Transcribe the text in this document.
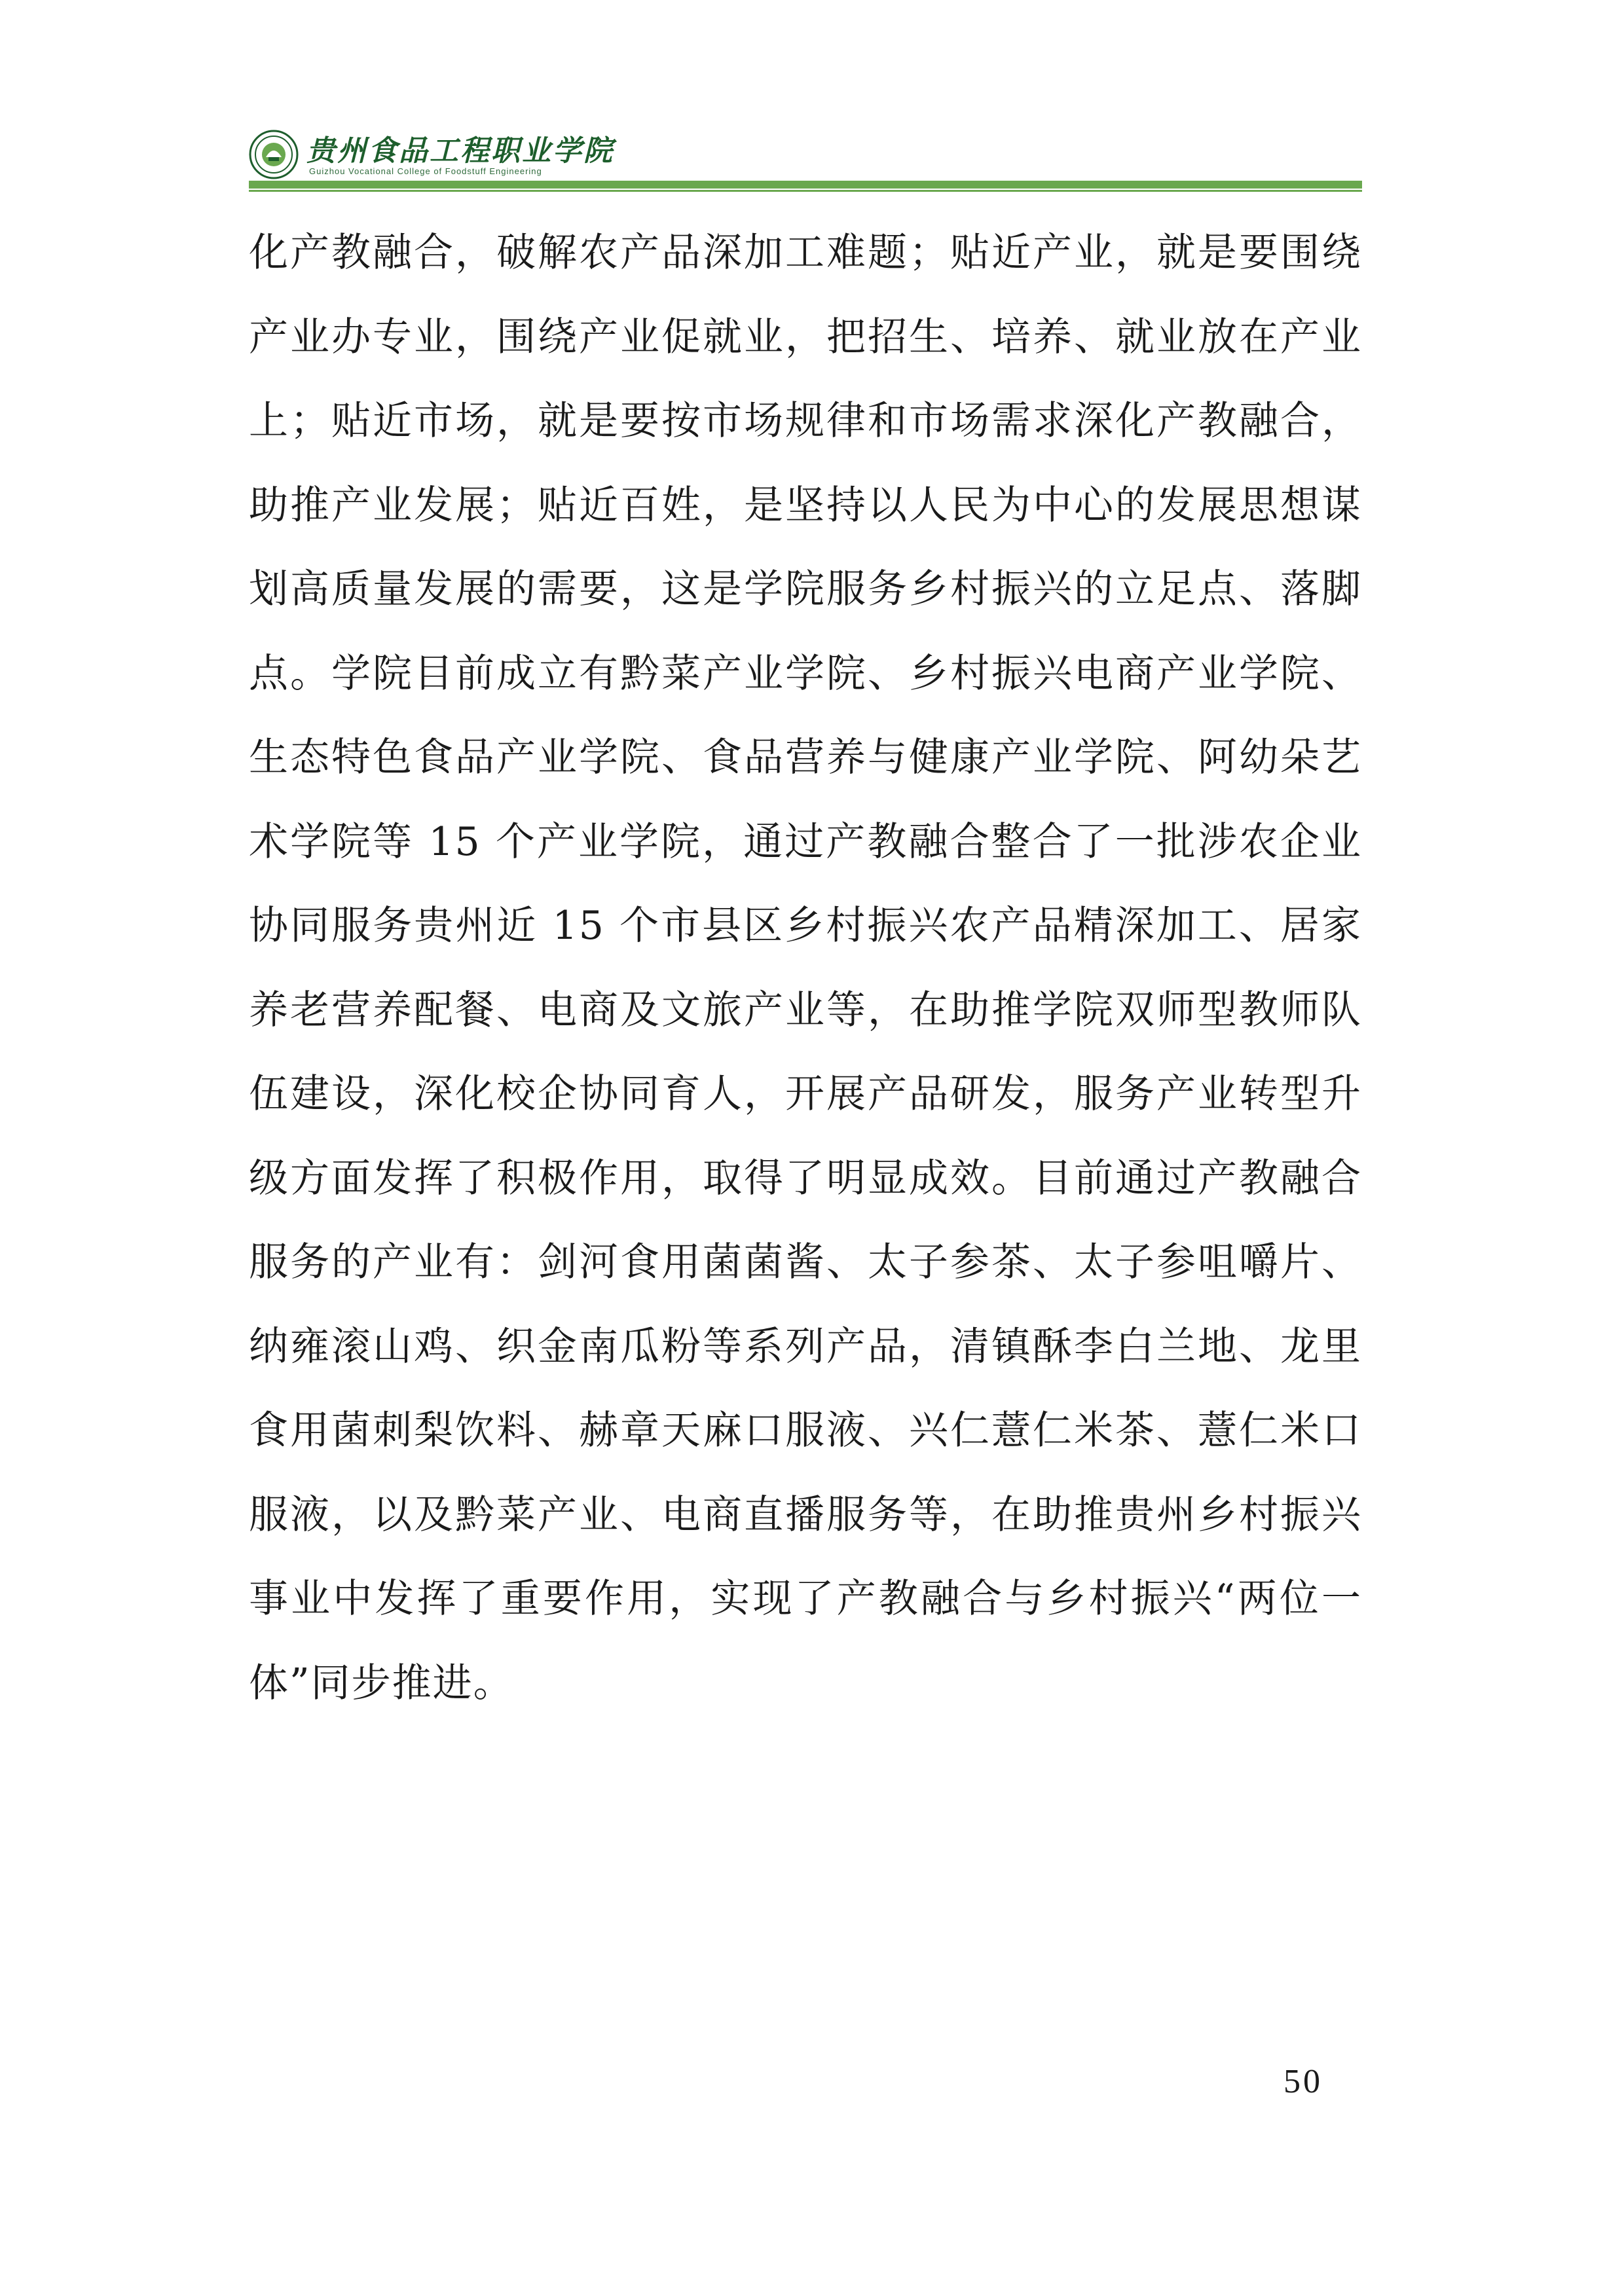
贵州食品工程职业学院
Guizhou Vocational College of Foodstuff Engineering

化产教融合，破解农产品深加工难题；贴近产业，就是要围绕产业办专业，围绕产业促就业，把招生、培养、就业放在产业上；贴近市场，就是要按市场规律和市场需求深化产教融合，助推产业发展；贴近百姓，是坚持以人民为中心的发展思想谋划高质量发展的需要，这是学院服务乡村振兴的立足点、落脚点。学院目前成立有黔菜产业学院、乡村振兴电商产业学院、生态特色食品产业学院、食品营养与健康产业学院、阿幼朵艺术学院等 15 个产业学院，通过产教融合整合了一批涉农企业协同服务贵州近 15 个市县区乡村振兴农产品精深加工、居家养老营养配餐、电商及文旅产业等，在助推学院双师型教师队伍建设，深化校企协同育人，开展产品研发，服务产业转型升级方面发挥了积极作用，取得了明显成效。目前通过产教融合服务的产业有：剑河食用菌菌酱、太子参茶、太子参咀嚼片、纳雍滚山鸡、织金南瓜粉等系列产品，清镇酥李白兰地、龙里食用菌刺梨饮料、赫章天麻口服液、兴仁薏仁米茶、薏仁米口服液，以及黔菜产业、电商直播服务等，在助推贵州乡村振兴事业中发挥了重要作用，实现了产教融合与乡村振兴“两位一体”同步推进。

50
